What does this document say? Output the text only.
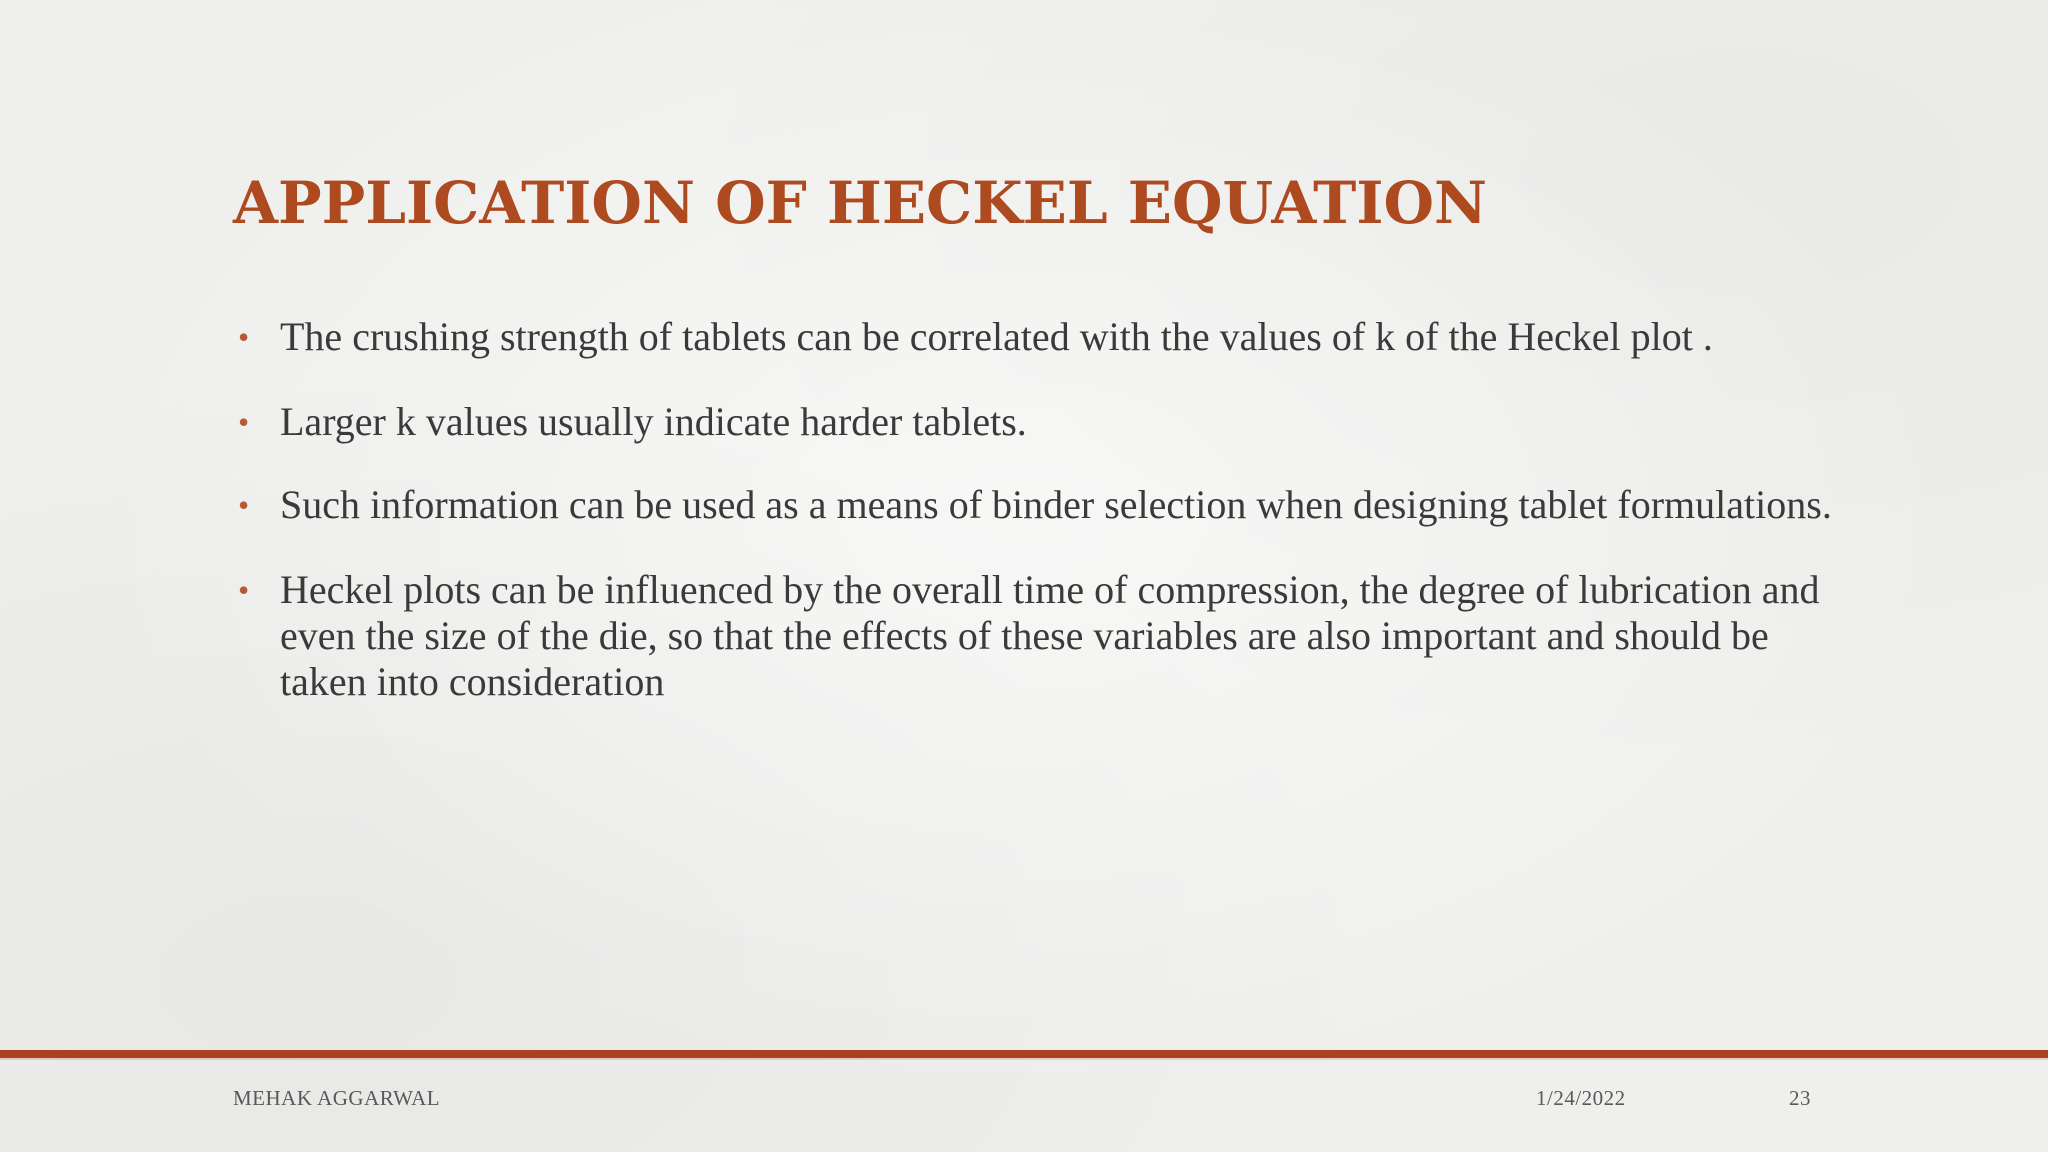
APPLICATION OF HECKEL EQUATION
• The crushing strength of tablets can be correlated with the values of k of the Heckel plot .
• Larger k values usually indicate harder tablets.
• Such information can be used as a means of binder selection when designing tablet formulations.
• Heckel plots can be influenced by the overall time of compression, the degree of lubrication and even the size of the die, so that the effects of these variables are also important and should be taken into consideration
MEHAK AGGARWAL	1/24/2022	23
